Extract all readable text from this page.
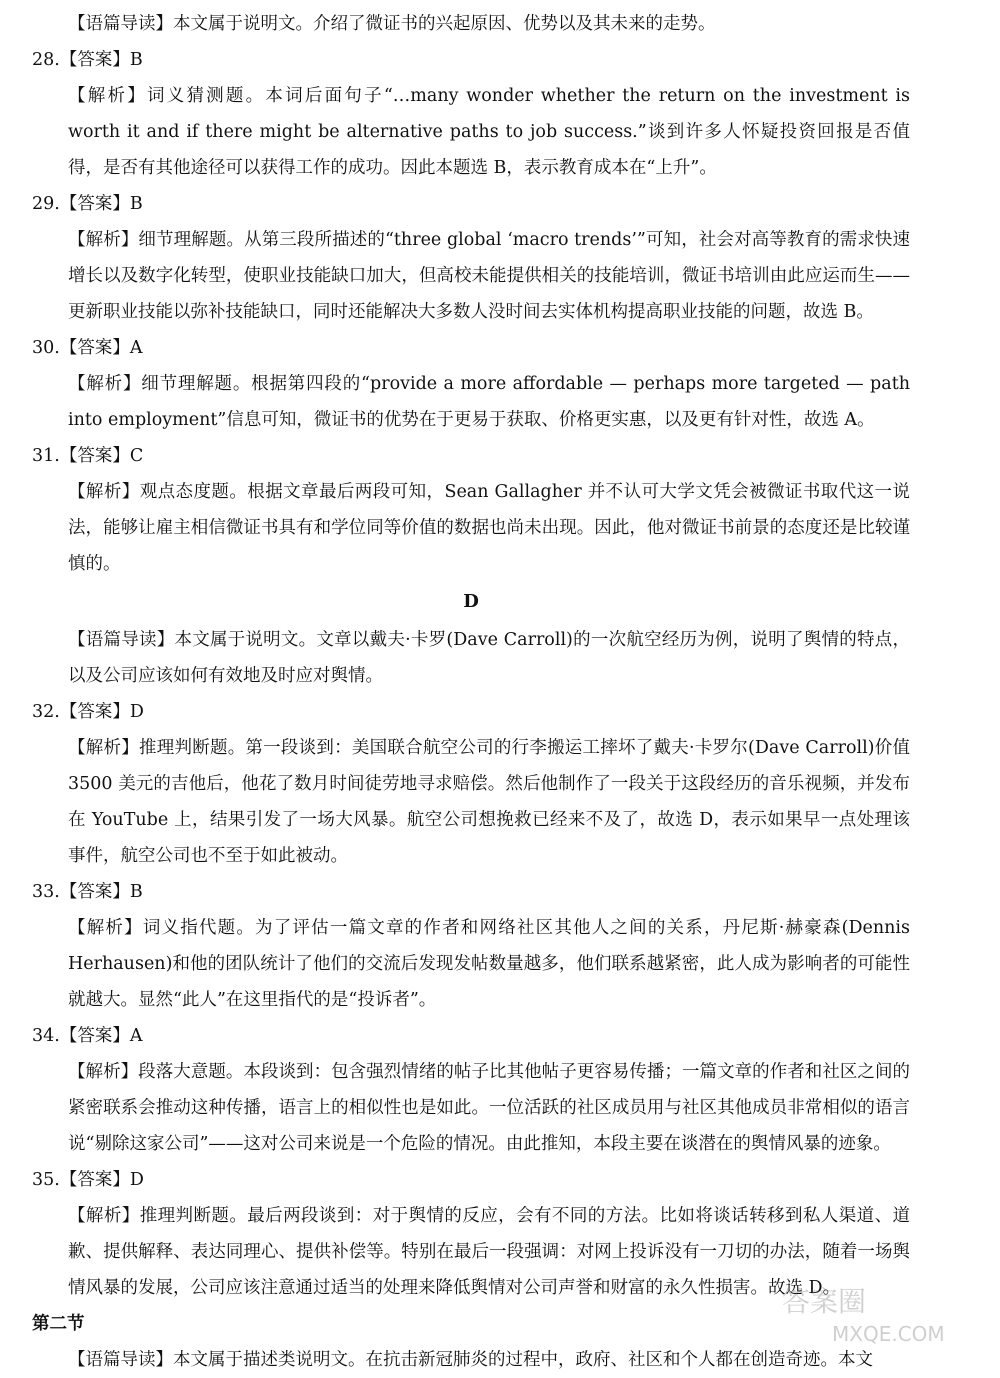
【语篇导读】本文属于说明文。介绍了微证书的兴起原因、优势以及其未来的走势。

28.【答案】B

【解析】词义猜测题。本词后面句子“…many wonder whether the return on the investment is worth it and if there might be alternative paths to job success.”谈到许多人怀疑投资回报是否值得，是否有其他途径可以获得工作的成功。因此本题选 B，表示教育成本在“上升”。

29.【答案】B

【解析】细节理解题。从第三段所描述的“three global ‘macro trends’”可知，社会对高等教育的需求快速增长以及数字化转型，使职业技能缺口加大，但高校未能提供相关的技能培训，微证书培训由此应运而生——更新职业技能以弥补技能缺口，同时还能解决大多数人没时间去实体机构提高职业技能的问题，故选 B。

30.【答案】A

【解析】细节理解题。根据第四段的“provide a more affordable — perhaps more targeted — path into employment”信息可知，微证书的优势在于更易于获取、价格更实惠，以及更有针对性，故选 A。

31.【答案】C

【解析】观点态度题。根据文章最后两段可知，Sean Gallagher 并不认可大学文凭会被微证书取代这一说法，能够让雇主相信微证书具有和学位同等价值的数据也尚未出现。因此，他对微证书前景的态度还是比较谨慎的。

D

【语篇导读】本文属于说明文。文章以戴夫·卡罗(Dave Carroll)的一次航空经历为例，说明了舆情的特点，以及公司应该如何有效地及时应对舆情。

32.【答案】D

【解析】推理判断题。第一段谈到：美国联合航空公司的行李搬运工摔坏了戴夫·卡罗尔(Dave Carroll)价值 3500 美元的吉他后，他花了数月时间徒劳地寻求赔偿。然后他制作了一段关于这段经历的音乐视频，并发布在 YouTube 上，结果引发了一场大风暴。航空公司想挽救已经来不及了，故选 D，表示如果早一点处理该事件，航空公司也不至于如此被动。

33.【答案】B

【解析】词义指代题。为了评估一篇文章的作者和网络社区其他人之间的关系，丹尼斯·赫豪森(Dennis Herhausen)和他的团队统计了他们的交流后发现发帖数量越多，他们联系越紧密，此人成为影响者的可能性就越大。显然“此人”在这里指代的是“投诉者”。

34.【答案】A

【解析】段落大意题。本段谈到：包含强烈情绪的帖子比其他帖子更容易传播；一篇文章的作者和社区之间的紧密联系会推动这种传播，语言上的相似性也是如此。一位活跃的社区成员用与社区其他成员非常相似的语言说“剔除这家公司”——这对公司来说是一个危险的情况。由此推知，本段主要在谈潜在的舆情风暴的迹象。

35.【答案】D

【解析】推理判断题。最后两段谈到：对于舆情的反应，会有不同的方法。比如将谈话转移到私人渠道、道歉、提供解释、表达同理心、提供补偿等。特别在最后一段强调：对网上投诉没有一刀切的办法，随着一场舆情风暴的发展，公司应该注意通过适当的处理来降低舆情对公司声誉和财富的永久性损害。故选 D。

第二节

【语篇导读】本文属于描述类说明文。在抗击新冠肺炎的过程中，政府、社区和个人都在创造奇迹。本文

答案圈
MXQE.COM
